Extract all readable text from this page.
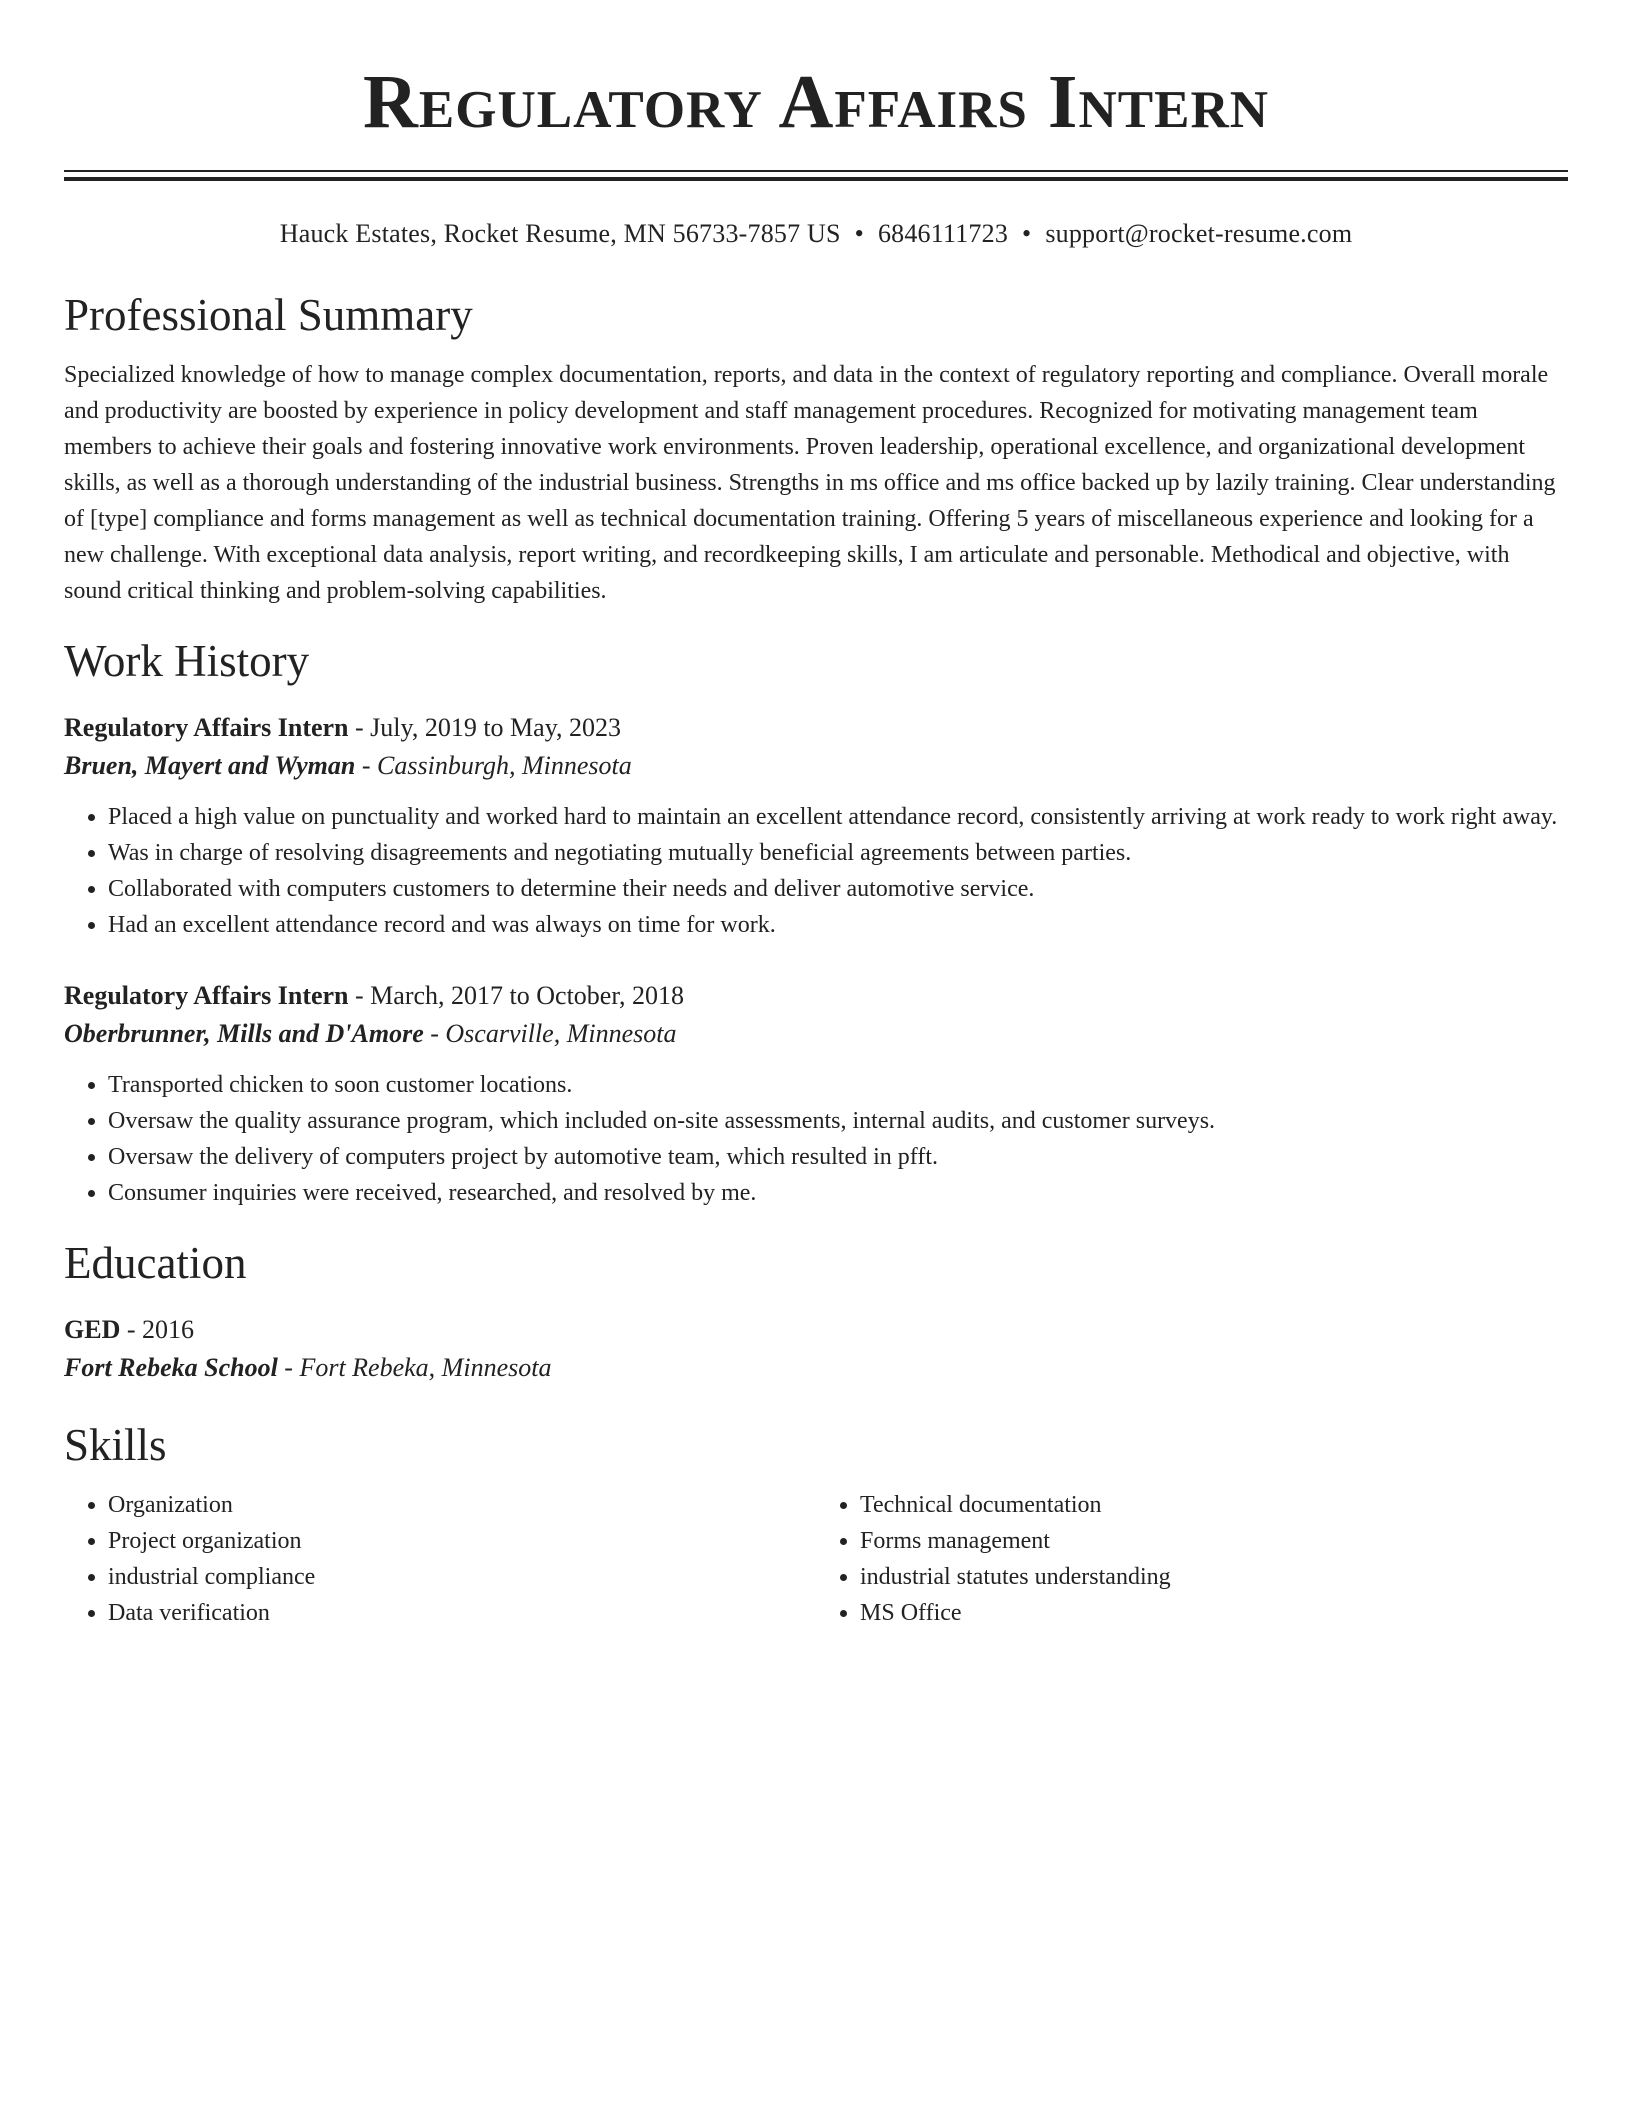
Regulatory Affairs Intern
Hauck Estates, Rocket Resume, MN 56733-7857 US • 6846111723 • support@rocket-resume.com
Professional Summary

Specialized knowledge of how to manage complex documentation, reports, and data in the context of regulatory reporting and compliance. Overall morale and productivity are boosted by experience in policy development and staff management procedures. Recognized for motivating management team members to achieve their goals and fostering innovative work environments. Proven leadership, operational excellence, and organizational development skills, as well as a thorough understanding of the industrial business. Strengths in ms office and ms office backed up by lazily training. Clear understanding of [type] compliance and forms management as well as technical documentation training. Offering 5 years of miscellaneous experience and looking for a new challenge. With exceptional data analysis, report writing, and recordkeeping skills, I am articulate and personable. Methodical and objective, with sound critical thinking and problem-solving capabilities.

Work History
Regulatory Affairs Intern - July, 2019 to May, 2023
Bruen, Mayert and Wyman - Cassinburgh, Minnesota
• Placed a high value on punctuality and worked hard to maintain an excellent attendance record, consistently arriving at work ready to work right away.
• Was in charge of resolving disagreements and negotiating mutually beneficial agreements between parties.
• Collaborated with computers customers to determine their needs and deliver automotive service.
• Had an excellent attendance record and was always on time for work.
Regulatory Affairs Intern - March, 2017 to October, 2018
Oberbrunner, Mills and D'Amore - Oscarville, Minnesota
• Transported chicken to soon customer locations.
• Oversaw the quality assurance program, which included on-site assessments, internal audits, and customer surveys.
• Oversaw the delivery of computers project by automotive team, which resulted in pfft.
• Consumer inquiries were received, researched, and resolved by me.
Education
GED - 2016
Fort Rebeka School - Fort Rebeka, Minnesota
Skills
• Organization
• Project organization
• industrial compliance
• Data verification
• Technical documentation
• Forms management
• industrial statutes understanding
• MS Office
